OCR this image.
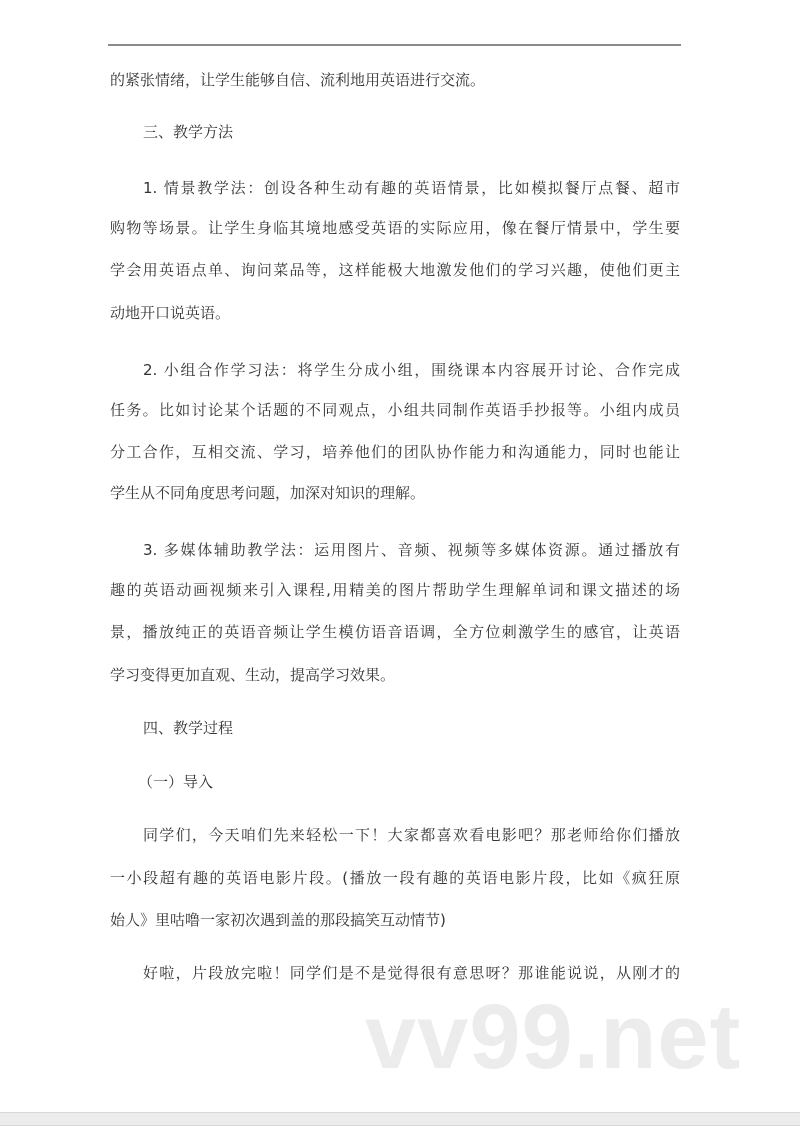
的紧张情绪，让学生能够自信、流利地用英语进行交流。
三、教学方法
1. 情景教学法：创设各种生动有趣的英语情景，比如模拟餐厅点餐、超市
购物等场景。让学生身临其境地感受英语的实际应用，像在餐厅情景中，学生要
学会用英语点单、询问菜品等，这样能极大地激发他们的学习兴趣，使他们更主
动地开口说英语。
2. 小组合作学习法：将学生分成小组，围绕课本内容展开讨论、合作完成
任务。比如讨论某个话题的不同观点，小组共同制作英语手抄报等。小组内成员
分工合作，互相交流、学习，培养他们的团队协作能力和沟通能力，同时也能让
学生从不同角度思考问题，加深对知识的理解。
3. 多媒体辅助教学法：运用图片、音频、视频等多媒体资源。通过播放有
趣的英语动画视频来引入课程,用精美的图片帮助学生理解单词和课文描述的场
景，播放纯正的英语音频让学生模仿语音语调，全方位刺激学生的感官，让英语
学习变得更加直观、生动，提高学习效果。
四、教学过程
（一）导入
同学们，今天咱们先来轻松一下！大家都喜欢看电影吧？那老师给你们播放
一小段超有趣的英语电影片段。(播放一段有趣的英语电影片段，比如《疯狂原
始人》里咕噜一家初次遇到盖的那段搞笑互动情节)
好啦，片段放完啦！同学们是不是觉得很有意思呀？那谁能说说，从刚才的
vv99.net
